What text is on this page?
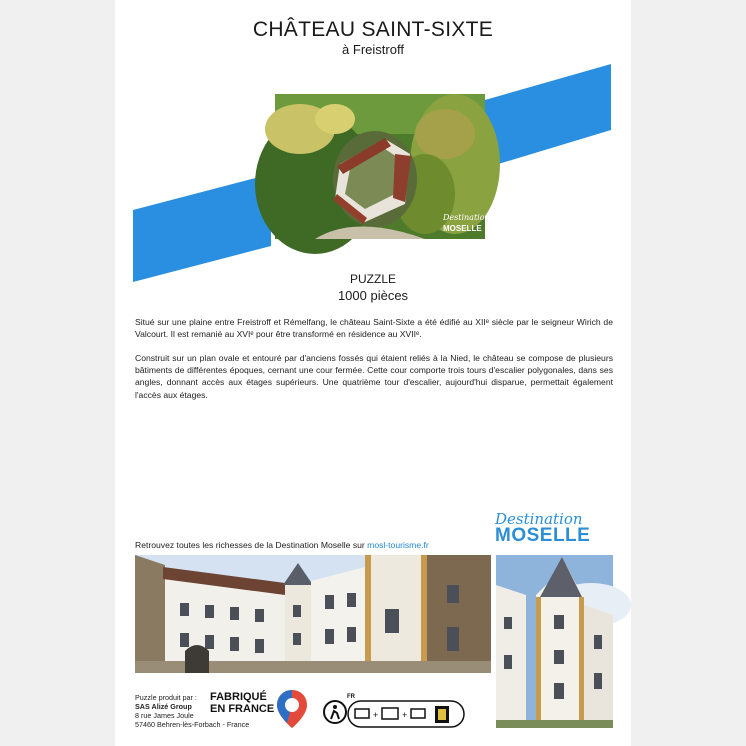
CHÂTEAU SAINT-SIXTE
à Freistroff
Destination
MOSELLE
PUZZLE
1000 pièces
Situé sur une plaine entre Freistroff et Rémelfang, le château Saint-Sixte a été édifié au XIIᵉ siècle par le seigneur Wirich de Valcourt. Il est remanié au XVIᵉ pour être transformé en résidence au XVIIᵉ.
Construit sur un plan ovale et entouré par d'anciens fossés qui étaient reliés à la Nied, le château se compose de plusieurs bâtiments de différentes époques, cernant une cour fermée. Cette cour comporte trois tours d'escalier polygonales, dans ses angles, donnant accès aux étages supérieurs. Une quatrième tour d'escalier, aujourd'hui disparue, permettait également l'accès aux étages.
Retrouvez toutes les richesses de la Destination Moselle sur mosl-tourisme.fr
Destination
MOSELLE
Puzzle produit par :
SAS Alizé Group
8 rue James Joule
57460 Behren-lès-Forbach - France
FABRIQUÉ
EN FRANCE
FR
+	+
